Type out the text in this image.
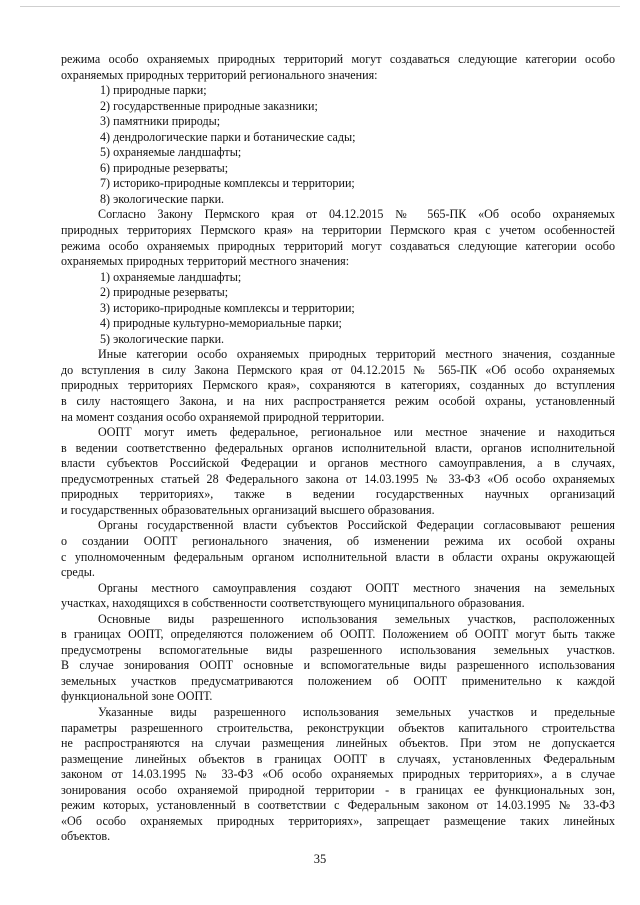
режима особо охраняемых природных территорий могут создаваться следующие категории особо

охраняемых природных территорий регионального значения:

1) природные парки;

2) государственные природные заказники;

3) памятники природы;

4) дендрологические парки и ботанические сады;

5) охраняемые ландшафты;

6) природные резерваты;

7) историко-природные комплексы и территории;

8) экологические парки.

Согласно Закону Пермского края от 04.12.2015 № 565-ПК «Об особо охраняемых

природных территориях Пермского края» на территории Пермского края с учетом особенностей

режима особо охраняемых природных территорий могут создаваться следующие категории особо

охраняемых природных территорий местного значения:

1) охраняемые ландшафты;

2) природные резерваты;

3) историко-природные комплексы и территории;

4) природные культурно-мемориальные парки;

5) экологические парки.

Иные категории особо охраняемых природных территорий местного значения, созданные

до вступления в силу Закона Пермского края от 04.12.2015 № 565-ПК «Об особо охраняемых

природных территориях Пермского края», сохраняются в категориях, созданных до вступления

в силу настоящего Закона, и на них распространяется режим особой охраны, установленный

на момент создания особо охраняемой природной территории.

ООПТ могут иметь федеральное, региональное или местное значение и находиться

в ведении соответственно федеральных органов исполнительной власти, органов исполнительной

власти субъектов Российской Федерации и органов местного самоуправления, а в случаях,

предусмотренных статьей 28 Федерального закона от 14.03.1995 № 33-ФЗ «Об особо охраняемых

природных территориях», также в ведении государственных научных организаций

и государственных образовательных организаций высшего образования.

Органы государственной власти субъектов Российской Федерации согласовывают решения

о создании ООПТ регионального значения, об изменении режима их особой охраны

с уполномоченным федеральным органом исполнительной власти в области охраны окружающей

среды.

Органы местного самоуправления создают ООПТ местного значения на земельных

участках, находящихся в собственности соответствующего муниципального образования.

Основные виды разрешенного использования земельных участков, расположенных

в границах ООПТ, определяются положением об ООПТ. Положением об ООПТ могут быть также

предусмотрены вспомогательные виды разрешенного использования земельных участков.

В случае зонирования ООПТ основные и вспомогательные виды разрешенного использования

земельных участков предусматриваются положением об ООПТ применительно к каждой

функциональной зоне ООПТ.

Указанные виды разрешенного использования земельных участков и предельные

параметры разрешенного строительства, реконструкции объектов капитального строительства

не распространяются на случаи размещения линейных объектов. При этом не допускается

размещение линейных объектов в границах ООПТ в случаях, установленных Федеральным

законом от 14.03.1995 № 33-ФЗ «Об особо охраняемых природных территориях», а в случае

зонирования особо охраняемой природной территории - в границах ее функциональных зон,

режим которых, установленный в соответствии с Федеральным законом от 14.03.1995 № 33-ФЗ

«Об особо охраняемых природных территориях», запрещает размещение таких линейных

объектов.

35
